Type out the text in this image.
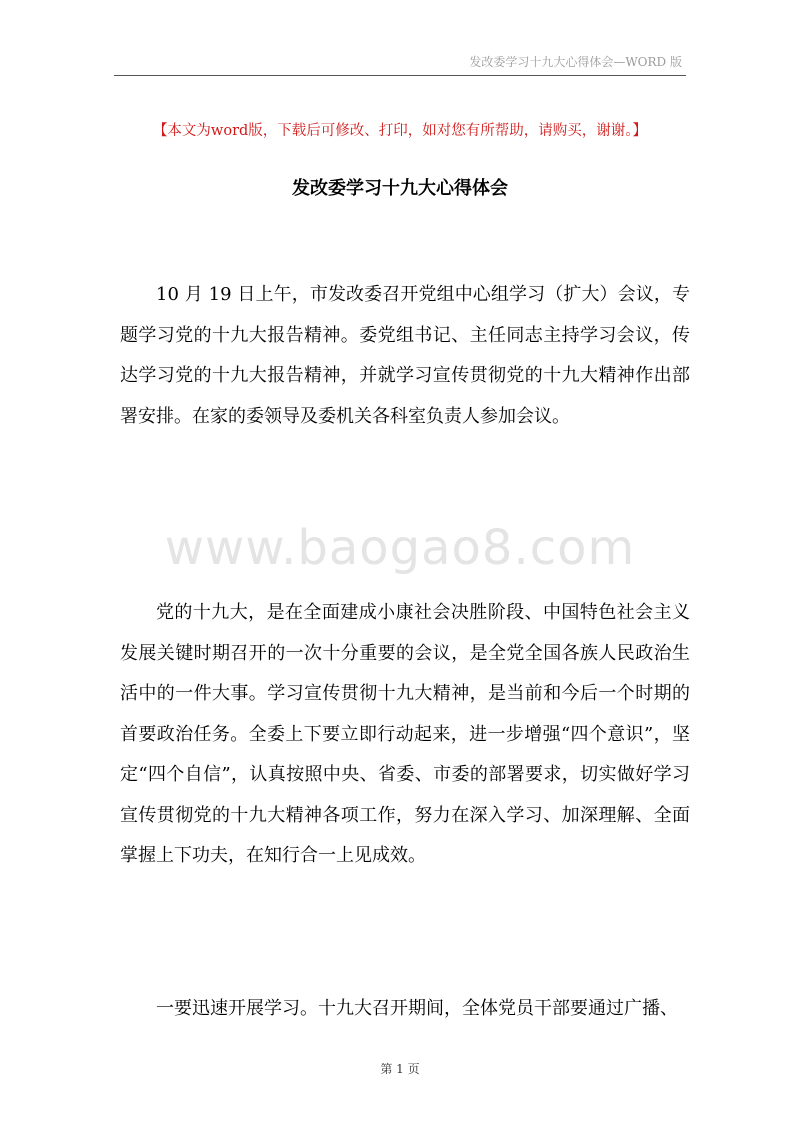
发改委学习十九大心得体会—WORD 版
【本文为word版，下载后可修改、打印，如对您有所帮助，请购买，谢谢。】
发改委学习十九大心得体会

10 月 19 日上午，市发改委召开党组中心组学习（扩大）会议，专题学习党的十九大报告精神。委党组书记、主任同志主持学习会议，传达学习党的十九大报告精神，并就学习宣传贯彻党的十九大精神作出部署安排。在家的委领导及委机关各科室负责人参加会议。

www.baogao8.com

党的十九大，是在全面建成小康社会决胜阶段、中国特色社会主义发展关键时期召开的一次十分重要的会议，是全党全国各族人民政治生活中的一件大事。学习宣传贯彻十九大精神，是当前和今后一个时期的首要政治任务。全委上下要立即行动起来，进一步增强“四个意识”，坚定“四个自信”，认真按照中央、省委、市委的部署要求，切实做好学习宣传贯彻党的十九大精神各项工作，努力在深入学习、加深理解、全面掌握上下功夫，在知行合一上见成效。

一要迅速开展学习。十九大召开期间，全体党员干部要通过广播、

第 1 页
